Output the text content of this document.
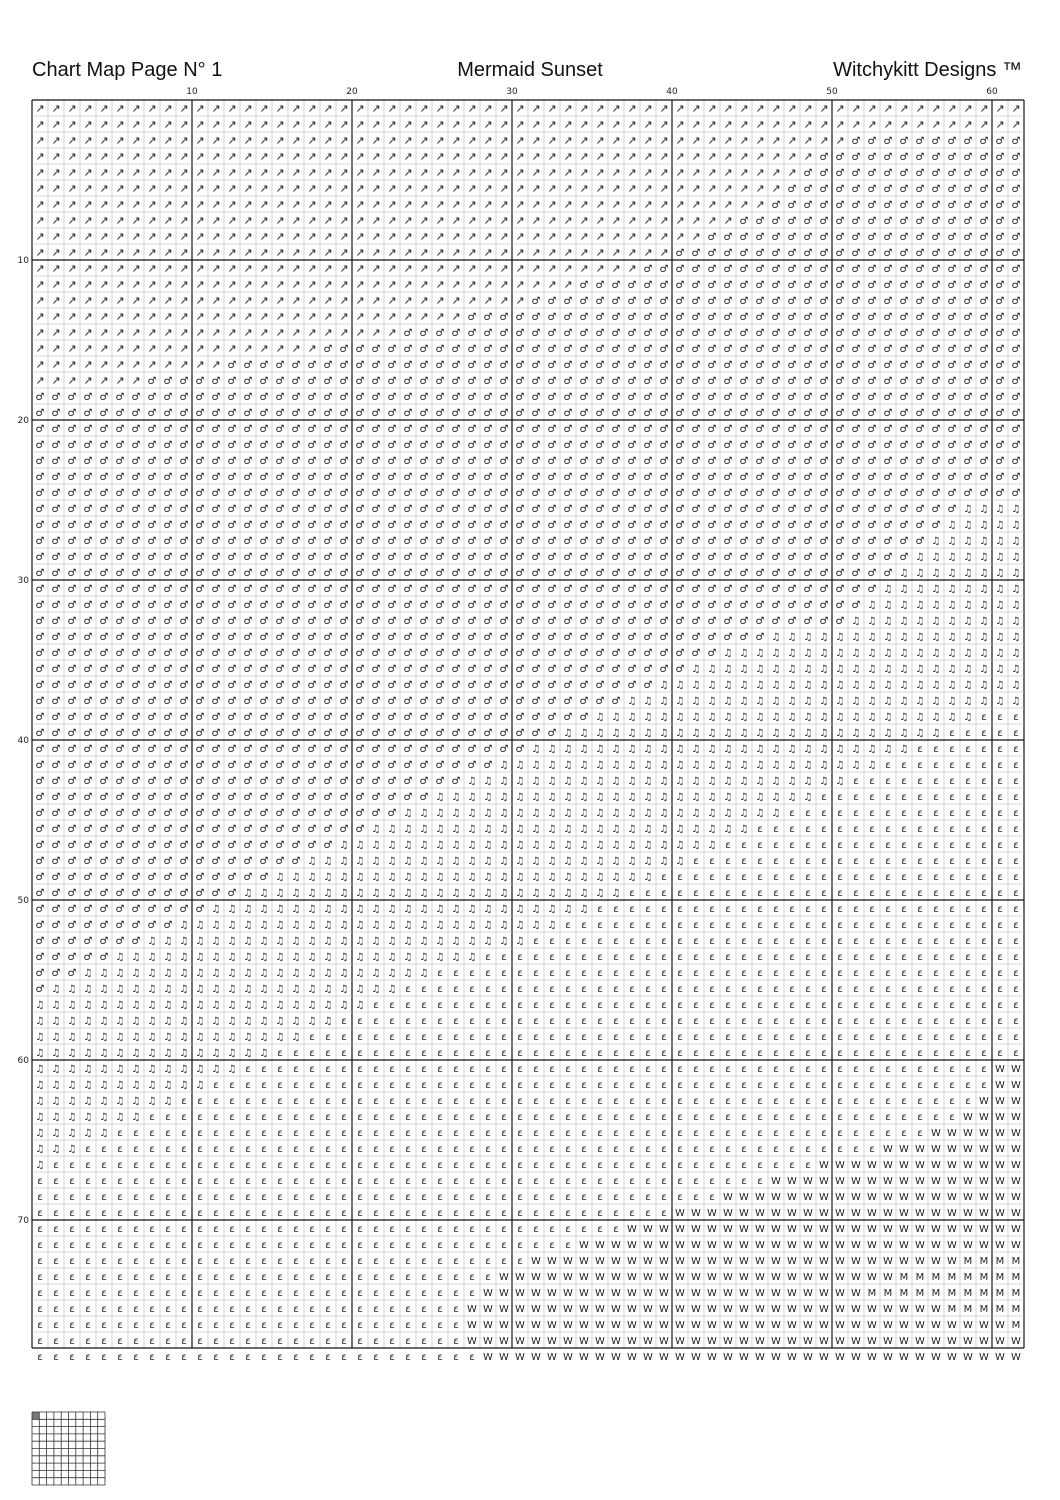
Chart Map Page N° 1	Mermaid Sunset	Witchykitt Designs ™
↗ ↗ ↗ ↗ ↗ ↗ ↗ ↗ ↗ ↗ ↗ ↗ ↗ ↗ ↗ ↗ ↗ ↗ ↗ ↗ ↗ ↗ ↗ ↗ ↗ ↗ ↗ ↗ ↗ ↗ ↗ ↗ ↗ ↗ ↗ ↗ ↗ ↗ ↗ ↗ ↗ ↗ ↗ ↗ ↗ ↗ ↗ ↗ ↗ ↗ ↗ ↗ ↗ ↗ ↗ ↗ ↗ ↗ ↗ ↗ ↗ ↗
↗ ↗ ↗ ↗ ↗ ↗ ↗ ↗ ↗ ↗ ↗ ↗ ↗ ↗ ↗ ↗ ↗ ↗ ↗ ↗ ↗ ↗ ↗ ↗ ↗ ↗ ↗ ↗ ↗ ↗ ↗ ↗ ↗ ↗ ↗ ↗ ↗ ↗ ↗ ↗ ↗ ↗ ↗ ↗ ↗ ↗ ↗ ↗ ↗ ↗ ↗ ↗ ↗ ↗ ↗ ↗ ↗ ↗ ↗ ↗ ↗ ↗
↗ ↗ ↗ ↗ ↗ ↗ ↗ ↗ ↗ ↗ ↗ ↗ ↗ ↗ ↗ ↗ ↗ ↗ ↗ ↗ ↗ ↗ ↗ ↗ ↗ ↗ ↗ ↗ ↗ ↗ ↗ ↗ ↗ ↗ ↗ ↗ ↗ ↗ ↗ ↗ ↗ ↗ ↗ ↗ ↗ ↗ ↗ ↗ ↗ ↗ ↗ ♂ ♂ ♂ ♂ ♂ ♂ ♂ ♂ ♂ ♂ ♂
↗ ↗ ↗ ↗ ↗ ↗ ↗ ↗ ↗ ↗ ↗ ↗ ↗ ↗ ↗ ↗ ↗ ↗ ↗ ↗ ↗ ↗ ↗ ↗ ↗ ↗ ↗ ↗ ↗ ↗ ↗ ↗ ↗ ↗ ↗ ↗ ↗ ↗ ↗ ↗ ↗ ↗ ↗ ↗ ↗ ↗ ↗ ↗ ↗ ♂ ♂ ♂ ♂ ♂ ♂ ♂ ♂ ♂ ♂ ♂ ♂ ♂
↗ ↗ ↗ ↗ ↗ ↗ ↗ ↗ ↗ ↗ ↗ ↗ ↗ ↗ ↗ ↗ ↗ ↗ ↗ ↗ ↗ ↗ ↗ ↗ ↗ ↗ ↗ ↗ ↗ ↗ ↗ ↗ ↗ ↗ ↗ ↗ ↗ ↗ ↗ ↗ ↗ ↗ ↗ ↗ ↗ ↗ ↗ ↗ ♂ ♂ ♂ ♂ ♂ ♂ ♂ ♂ ♂ ♂ ♂ ♂ ♂ ♂
↗ ↗ ↗ ↗ ↗ ↗ ↗ ↗ ↗ ↗ ↗ ↗ ↗ ↗ ↗ ↗ ↗ ↗ ↗ ↗ ↗ ↗ ↗ ↗ ↗ ↗ ↗ ↗ ↗ ↗ ↗ ↗ ↗ ↗ ↗ ↗ ↗ ↗ ↗ ↗ ↗ ↗ ↗ ↗ ↗ ↗ ↗ ♂ ♂ ♂ ♂ ♂ ♂ ♂ ♂ ♂ ♂ ♂ ♂ ♂ ♂ ♂
↗ ↗ ↗ ↗ ↗ ↗ ↗ ↗ ↗ ↗ ↗ ↗ ↗ ↗ ↗ ↗ ↗ ↗ ↗ ↗ ↗ ↗ ↗ ↗ ↗ ↗ ↗ ↗ ↗ ↗ ↗ ↗ ↗ ↗ ↗ ↗ ↗ ↗ ↗ ↗ ↗ ↗ ↗ ↗ ↗ ↗ ♂ ♂ ♂ ♂ ♂ ♂ ♂ ♂ ♂ ♂ ♂ ♂ ♂ ♂ ♂ ♂
↗ ↗ ↗ ↗ ↗ ↗ ↗ ↗ ↗ ↗ ↗ ↗ ↗ ↗ ↗ ↗ ↗ ↗ ↗ ↗ ↗ ↗ ↗ ↗ ↗ ↗ ↗ ↗ ↗ ↗ ↗ ↗ ↗ ↗ ↗ ↗ ↗ ↗ ↗ ↗ ↗ ↗ ↗ ↗ ♂ ♂ ♂ ♂ ♂ ♂ ♂ ♂ ♂ ♂ ♂ ♂ ♂ ♂ ♂ ♂ ♂ ♂
↗ ↗ ↗ ↗ ↗ ↗ ↗ ↗ ↗ ↗ ↗ ↗ ↗ ↗ ↗ ↗ ↗ ↗ ↗ ↗ ↗ ↗ ↗ ↗ ↗ ↗ ↗ ↗ ↗ ↗ ↗ ↗ ↗ ↗ ↗ ↗ ↗ ↗ ↗ ↗ ↗ ↗ ♂ ♂ ♂ ♂ ♂ ♂ ♂ ♂ ♂ ♂ ♂ ♂ ♂ ♂ ♂ ♂ ♂ ♂ ♂ ♂
↗ ↗ ↗ ↗ ↗ ↗ ↗ ↗ ↗ ↗ ↗ ↗ ↗ ↗ ↗ ↗ ↗ ↗ ↗ ↗ ↗ ↗ ↗ ↗ ↗ ↗ ↗ ↗ ↗ ↗ ↗ ↗ ↗ ↗ ↗ ↗ ↗ ↗ ↗ ↗ ♂ ♂ ♂ ♂ ♂ ♂ ♂ ♂ ♂ ♂ ♂ ♂ ♂ ♂ ♂ ♂ ♂ ♂ ♂ ♂ ♂ ♂
↗ ↗ ↗ ↗ ↗ ↗ ↗ ↗ ↗ ↗ ↗ ↗ ↗ ↗ ↗ ↗ ↗ ↗ ↗ ↗ ↗ ↗ ↗ ↗ ↗ ↗ ↗ ↗ ↗ ↗ ↗ ↗ ↗ ↗ ↗ ↗ ↗ ↗ ♂ ♂ ♂ ♂ ♂ ♂ ♂ ♂ ♂ ♂ ♂ ♂ ♂ ♂ ♂ ♂ ♂ ♂ ♂ ♂ ♂ ♂ ♂ ♂
↗ ↗ ↗ ↗ ↗ ↗ ↗ ↗ ↗ ↗ ↗ ↗ ↗ ↗ ↗ ↗ ↗ ↗ ↗ ↗ ↗ ↗ ↗ ↗ ↗ ↗ ↗ ↗ ↗ ↗ ↗ ↗ ↗ ↗ ♂ ♂ ♂ ♂ ♂ ♂ ♂ ♂ ♂ ♂ ♂ ♂ ♂ ♂ ♂ ♂ ♂ ♂ ♂ ♂ ♂ ♂ ♂ ♂ ♂ ♂ ♂ ♂
↗ ↗ ↗ ↗ ↗ ↗ ↗ ↗ ↗ ↗ ↗ ↗ ↗ ↗ ↗ ↗ ↗ ↗ ↗ ↗ ↗ ↗ ↗ ↗ ↗ ↗ ↗ ↗ ↗ ↗ ↗ ♂ ♂ ♂ ♂ ♂ ♂ ♂ ♂ ♂ ♂ ♂ ♂ ♂ ♂ ♂ ♂ ♂ ♂ ♂ ♂ ♂ ♂ ♂ ♂ ♂ ♂ ♂ ♂ ♂ ♂ ♂
↗ ↗ ↗ ↗ ↗ ↗ ↗ ↗ ↗ ↗ ↗ ↗ ↗ ↗ ↗ ↗ ↗ ↗ ↗ ↗ ↗ ↗ ↗ ↗ ↗ ↗ ↗ ♂ ♂ ♂ ♂ ♂ ♂ ♂ ♂ ♂ ♂ ♂ ♂ ♂ ♂ ♂ ♂ ♂ ♂ ♂ ♂ ♂ ♂ ♂ ♂ ♂ ♂ ♂ ♂ ♂ ♂ ♂ ♂ ♂ ♂ ♂
↗ ↗ ↗ ↗ ↗ ↗ ↗ ↗ ↗ ↗ ↗ ↗ ↗ ↗ ↗ ↗ ↗ ↗ ↗ ↗ ↗ ↗ ↗ ♂ ♂ ♂ ♂ ♂ ♂ ♂ ♂ ♂ ♂ ♂ ♂ ♂ ♂ ♂ ♂ ♂ ♂ ♂ ♂ ♂ ♂ ♂ ♂ ♂ ♂ ♂ ♂ ♂ ♂ ♂ ♂ ♂ ♂ ♂ ♂ ♂ ♂ ♂
↗ ↗ ↗ ↗ ↗ ↗ ↗ ↗ ↗ ↗ ↗ ↗ ↗ ↗ ↗ ↗ ↗ ↗ ♂ ♂ ♂ ♂ ♂ ♂ ♂ ♂ ♂ ♂ ♂ ♂ ♂ ♂ ♂ ♂ ♂ ♂ ♂ ♂ ♂ ♂ ♂ ♂ ♂ ♂ ♂ ♂ ♂ ♂ ♂ ♂ ♂ ♂ ♂ ♂ ♂ ♂ ♂ ♂ ♂ ♂ ♂ ♂
↗ ↗ ↗ ↗ ↗ ↗ ↗ ↗ ↗ ↗ ↗ ↗ ♂ ♂ ♂ ♂ ♂ ♂ ♂ ♂ ♂ ♂ ♂ ♂ ♂ ♂ ♂ ♂ ♂ ♂ ♂ ♂ ♂ ♂ ♂ ♂ ♂ ♂ ♂ ♂ ♂ ♂ ♂ ♂ ♂ ♂ ♂ ♂ ♂ ♂ ♂ ♂ ♂ ♂ ♂ ♂ ♂ ♂ ♂ ♂ ♂ ♂
↗ ↗ ↗ ↗ ↗ ↗ ↗ ♂ ♂ ♂ ♂ ♂ ♂ ♂ ♂ ♂ ♂ ♂ ♂ ♂ ♂ ♂ ♂ ♂ ♂ ♂ ♂ ♂ ♂ ♂ ♂ ♂ ♂ ♂ ♂ ♂ ♂ ♂ ♂ ♂ ♂ ♂ ♂ ♂ ♂ ♂ ♂ ♂ ♂ ♂ ♂ ♂ ♂ ♂ ♂ ♂ ♂ ♂ ♂ ♂ ♂ ♂
♂ ♂ ♂ ♂ ♂ ♂ ♂ ♂ ♂ ♂ ♂ ♂ ♂ ♂ ♂ ♂ ♂ ♂ ♂ ♂ ♂ ♂ ♂ ♂ ♂ ♂ ♂ ♂ ♂ ♂ ♂ ♂ ♂ ♂ ♂ ♂ ♂ ♂ ♂ ♂ ♂ ♂ ♂ ♂ ♂ ♂ ♂ ♂ ♂ ♂ ♂ ♂ ♂ ♂ ♂ ♂ ♂ ♂ ♂ ♂ ♂ ♂
♂ ♂ ♂ ♂ ♂ ♂ ♂ ♂ ♂ ♂ ♂ ♂ ♂ ♂ ♂ ♂ ♂ ♂ ♂ ♂ ♂ ♂ ♂ ♂ ♂ ♂ ♂ ♂ ♂ ♂ ♂ ♂ ♂ ♂ ♂ ♂ ♂ ♂ ♂ ♂ ♂ ♂ ♂ ♂ ♂ ♂ ♂ ♂ ♂ ♂ ♂ ♂ ♂ ♂ ♂ ♂ ♂ ♂ ♂ ♂ ♂ ♂
♂ ♂ ♂ ♂ ♂ ♂ ♂ ♂ ♂ ♂ ♂ ♂ ♂ ♂ ♂ ♂ ♂ ♂ ♂ ♂ ♂ ♂ ♂ ♂ ♂ ♂ ♂ ♂ ♂ ♂ ♂ ♂ ♂ ♂ ♂ ♂ ♂ ♂ ♂ ♂ ♂ ♂ ♂ ♂ ♂ ♂ ♂ ♂ ♂ ♂ ♂ ♂ ♂ ♂ ♂ ♂ ♂ ♂ ♂ ♂ ♂ ♂
♂ ♂ ♂ ♂ ♂ ♂ ♂ ♂ ♂ ♂ ♂ ♂ ♂ ♂ ♂ ♂ ♂ ♂ ♂ ♂ ♂ ♂ ♂ ♂ ♂ ♂ ♂ ♂ ♂ ♂ ♂ ♂ ♂ ♂ ♂ ♂ ♂ ♂ ♂ ♂ ♂ ♂ ♂ ♂ ♂ ♂ ♂ ♂ ♂ ♂ ♂ ♂ ♂ ♂ ♂ ♂ ♂ ♂ ♂ ♂ ♂ ♂
♂ ♂ ♂ ♂ ♂ ♂ ♂ ♂ ♂ ♂ ♂ ♂ ♂ ♂ ♂ ♂ ♂ ♂ ♂ ♂ ♂ ♂ ♂ ♂ ♂ ♂ ♂ ♂ ♂ ♂ ♂ ♂ ♂ ♂ ♂ ♂ ♂ ♂ ♂ ♂ ♂ ♂ ♂ ♂ ♂ ♂ ♂ ♂ ♂ ♂ ♂ ♂ ♂ ♂ ♂ ♂ ♂ ♂ ♂ ♂ ♂ ♂
♂ ♂ ♂ ♂ ♂ ♂ ♂ ♂ ♂ ♂ ♂ ♂ ♂ ♂ ♂ ♂ ♂ ♂ ♂ ♂ ♂ ♂ ♂ ♂ ♂ ♂ ♂ ♂ ♂ ♂ ♂ ♂ ♂ ♂ ♂ ♂ ♂ ♂ ♂ ♂ ♂ ♂ ♂ ♂ ♂ ♂ ♂ ♂ ♂ ♂ ♂ ♂ ♂ ♂ ♂ ♂ ♂ ♂ ♂ ♂ ♂ ♂
♂ ♂ ♂ ♂ ♂ ♂ ♂ ♂ ♂ ♂ ♂ ♂ ♂ ♂ ♂ ♂ ♂ ♂ ♂ ♂ ♂ ♂ ♂ ♂ ♂ ♂ ♂ ♂ ♂ ♂ ♂ ♂ ♂ ♂ ♂ ♂ ♂ ♂ ♂ ♂ ♂ ♂ ♂ ♂ ♂ ♂ ♂ ♂ ♂ ♂ ♂ ♂ ♂ ♂ ♂ ♂ ♂ ♂ ♂ ♂ ♂ ♂
♂ ♂ ♂ ♂ ♂ ♂ ♂ ♂ ♂ ♂ ♂ ♂ ♂ ♂ ♂ ♂ ♂ ♂ ♂ ♂ ♂ ♂ ♂ ♂ ♂ ♂ ♂ ♂ ♂ ♂ ♂ ♂ ♂ ♂ ♂ ♂ ♂ ♂ ♂ ♂ ♂ ♂ ♂ ♂ ♂ ♂ ♂ ♂ ♂ ♂ ♂ ♂ ♂ ♂ ♂ ♂ ♂ ♂ ♫ ♫ ♫ ♫
♂ ♂ ♂ ♂ ♂ ♂ ♂ ♂ ♂ ♂ ♂ ♂ ♂ ♂ ♂ ♂ ♂ ♂ ♂ ♂ ♂ ♂ ♂ ♂ ♂ ♂ ♂ ♂ ♂ ♂ ♂ ♂ ♂ ♂ ♂ ♂ ♂ ♂ ♂ ♂ ♂ ♂ ♂ ♂ ♂ ♂ ♂ ♂ ♂ ♂ ♂ ♂ ♂ ♂ ♂ ♂ ♂ ♫ ♫ ♫ ♫ ♫
♂ ♂ ♂ ♂ ♂ ♂ ♂ ♂ ♂ ♂ ♂ ♂ ♂ ♂ ♂ ♂ ♂ ♂ ♂ ♂ ♂ ♂ ♂ ♂ ♂ ♂ ♂ ♂ ♂ ♂ ♂ ♂ ♂ ♂ ♂ ♂ ♂ ♂ ♂ ♂ ♂ ♂ ♂ ♂ ♂ ♂ ♂ ♂ ♂ ♂ ♂ ♂ ♂ ♂ ♂ ♂ ♫ ♫ ♫ ♫ ♫ ♫
♂ ♂ ♂ ♂ ♂ ♂ ♂ ♂ ♂ ♂ ♂ ♂ ♂ ♂ ♂ ♂ ♂ ♂ ♂ ♂ ♂ ♂ ♂ ♂ ♂ ♂ ♂ ♂ ♂ ♂ ♂ ♂ ♂ ♂ ♂ ♂ ♂ ♂ ♂ ♂ ♂ ♂ ♂ ♂ ♂ ♂ ♂ ♂ ♂ ♂ ♂ ♂ ♂ ♂ ♂ ♫ ♫ ♫ ♫ ♫ ♫ ♫
♂ ♂ ♂ ♂ ♂ ♂ ♂ ♂ ♂ ♂ ♂ ♂ ♂ ♂ ♂ ♂ ♂ ♂ ♂ ♂ ♂ ♂ ♂ ♂ ♂ ♂ ♂ ♂ ♂ ♂ ♂ ♂ ♂ ♂ ♂ ♂ ♂ ♂ ♂ ♂ ♂ ♂ ♂ ♂ ♂ ♂ ♂ ♂ ♂ ♂ ♂ ♂ ♂ ♂ ♫ ♫ ♫ ♫ ♫ ♫ ♫ ♫
♂ ♂ ♂ ♂ ♂ ♂ ♂ ♂ ♂ ♂ ♂ ♂ ♂ ♂ ♂ ♂ ♂ ♂ ♂ ♂ ♂ ♂ ♂ ♂ ♂ ♂ ♂ ♂ ♂ ♂ ♂ ♂ ♂ ♂ ♂ ♂ ♂ ♂ ♂ ♂ ♂ ♂ ♂ ♂ ♂ ♂ ♂ ♂ ♂ ♂ ♂ ♂ ♂ ♫ ♫ ♫ ♫ ♫ ♫ ♫ ♫ ♫
♂ ♂ ♂ ♂ ♂ ♂ ♂ ♂ ♂ ♂ ♂ ♂ ♂ ♂ ♂ ♂ ♂ ♂ ♂ ♂ ♂ ♂ ♂ ♂ ♂ ♂ ♂ ♂ ♂ ♂ ♂ ♂ ♂ ♂ ♂ ♂ ♂ ♂ ♂ ♂ ♂ ♂ ♂ ♂ ♂ ♂ ♂ ♂ ♂ ♂ ♂ ♂ ♫ ♫ ♫ ♫ ♫ ♫ ♫ ♫ ♫ ♫
♂ ♂ ♂ ♂ ♂ ♂ ♂ ♂ ♂ ♂ ♂ ♂ ♂ ♂ ♂ ♂ ♂ ♂ ♂ ♂ ♂ ♂ ♂ ♂ ♂ ♂ ♂ ♂ ♂ ♂ ♂ ♂ ♂ ♂ ♂ ♂ ♂ ♂ ♂ ♂ ♂ ♂ ♂ ♂ ♂ ♂ ♂ ♂ ♂ ♂ ♂ ♫ ♫ ♫ ♫ ♫ ♫ ♫ ♫ ♫ ♫ ♫
♂ ♂ ♂ ♂ ♂ ♂ ♂ ♂ ♂ ♂ ♂ ♂ ♂ ♂ ♂ ♂ ♂ ♂ ♂ ♂ ♂ ♂ ♂ ♂ ♂ ♂ ♂ ♂ ♂ ♂ ♂ ♂ ♂ ♂ ♂ ♂ ♂ ♂ ♂ ♂ ♂ ♂ ♂ ♂ ♂ ♂ ♫ ♫ ♫ ♫ ♫ ♫ ♫ ♫ ♫ ♫ ♫ ♫ ♫ ♫ ♫ ♫
♂ ♂ ♂ ♂ ♂ ♂ ♂ ♂ ♂ ♂ ♂ ♂ ♂ ♂ ♂ ♂ ♂ ♂ ♂ ♂ ♂ ♂ ♂ ♂ ♂ ♂ ♂ ♂ ♂ ♂ ♂ ♂ ♂ ♂ ♂ ♂ ♂ ♂ ♂ ♂ ♂ ♂ ♂ ♫ ♫ ♫ ♫ ♫ ♫ ♫ ♫ ♫ ♫ ♫ ♫ ♫ ♫ ♫ ♫ ♫ ♫ ♫
♂ ♂ ♂ ♂ ♂ ♂ ♂ ♂ ♂ ♂ ♂ ♂ ♂ ♂ ♂ ♂ ♂ ♂ ♂ ♂ ♂ ♂ ♂ ♂ ♂ ♂ ♂ ♂ ♂ ♂ ♂ ♂ ♂ ♂ ♂ ♂ ♂ ♂ ♂ ♂ ♂ ♫ ♫ ♫ ♫ ♫ ♫ ♫ ♫ ♫ ♫ ♫ ♫ ♫ ♫ ♫ ♫ ♫ ♫ ♫ ♫ ♫
♂ ♂ ♂ ♂ ♂ ♂ ♂ ♂ ♂ ♂ ♂ ♂ ♂ ♂ ♂ ♂ ♂ ♂ ♂ ♂ ♂ ♂ ♂ ♂ ♂ ♂ ♂ ♂ ♂ ♂ ♂ ♂ ♂ ♂ ♂ ♂ ♂ ♂ ♂ ♫ ♫ ♫ ♫ ♫ ♫ ♫ ♫ ♫ ♫ ♫ ♫ ♫ ♫ ♫ ♫ ♫ ♫ ♫ ♫ ♫ ♫ ♫
♂ ♂ ♂ ♂ ♂ ♂ ♂ ♂ ♂ ♂ ♂ ♂ ♂ ♂ ♂ ♂ ♂ ♂ ♂ ♂ ♂ ♂ ♂ ♂ ♂ ♂ ♂ ♂ ♂ ♂ ♂ ♂ ♂ ♂ ♂ ♂ ♂ ♫ ♫ ♫ ♫ ♫ ♫ ♫ ♫ ♫ ♫ ♫ ♫ ♫ ♫ ♫ ♫ ♫ ♫ ♫ ♫ ♫ ♫ ♫ ♫ ♫
♂ ♂ ♂ ♂ ♂ ♂ ♂ ♂ ♂ ♂ ♂ ♂ ♂ ♂ ♂ ♂ ♂ ♂ ♂ ♂ ♂ ♂ ♂ ♂ ♂ ♂ ♂ ♂ ♂ ♂ ♂ ♂ ♂ ♂ ♂ ♫ ♫ ♫ ♫ ♫ ♫ ♫ ♫ ♫ ♫ ♫ ♫ ♫ ♫ ♫ ♫ ♫ ♫ ♫ ♫ ♫ ♫ ♫ ♫ ε ε ε
♂ ♂ ♂ ♂ ♂ ♂ ♂ ♂ ♂ ♂ ♂ ♂ ♂ ♂ ♂ ♂ ♂ ♂ ♂ ♂ ♂ ♂ ♂ ♂ ♂ ♂ ♂ ♂ ♂ ♂ ♂ ♂ ♂ ♫ ♫ ♫ ♫ ♫ ♫ ♫ ♫ ♫ ♫ ♫ ♫ ♫ ♫ ♫ ♫ ♫ ♫ ♫ ♫ ♫ ♫ ♫ ♫ ε ε ε ε ε
♂ ♂ ♂ ♂ ♂ ♂ ♂ ♂ ♂ ♂ ♂ ♂ ♂ ♂ ♂ ♂ ♂ ♂ ♂ ♂ ♂ ♂ ♂ ♂ ♂ ♂ ♂ ♂ ♂ ♂ ♂ ♫ ♫ ♫ ♫ ♫ ♫ ♫ ♫ ♫ ♫ ♫ ♫ ♫ ♫ ♫ ♫ ♫ ♫ ♫ ♫ ♫ ♫ ♫ ♫ ε ε ε ε ε ε ε
♂ ♂ ♂ ♂ ♂ ♂ ♂ ♂ ♂ ♂ ♂ ♂ ♂ ♂ ♂ ♂ ♂ ♂ ♂ ♂ ♂ ♂ ♂ ♂ ♂ ♂ ♂ ♂ ♂ ♫ ♫ ♫ ♫ ♫ ♫ ♫ ♫ ♫ ♫ ♫ ♫ ♫ ♫ ♫ ♫ ♫ ♫ ♫ ♫ ♫ ♫ ♫ ♫ ε ε ε ε ε ε ε ε ε
♂ ♂ ♂ ♂ ♂ ♂ ♂ ♂ ♂ ♂ ♂ ♂ ♂ ♂ ♂ ♂ ♂ ♂ ♂ ♂ ♂ ♂ ♂ ♂ ♂ ♂ ♂ ♫ ♫ ♫ ♫ ♫ ♫ ♫ ♫ ♫ ♫ ♫ ♫ ♫ ♫ ♫ ♫ ♫ ♫ ♫ ♫ ♫ ♫ ♫ ♫ ε ε ε ε ε ε ε ε ε ε ε
♂ ♂ ♂ ♂ ♂ ♂ ♂ ♂ ♂ ♂ ♂ ♂ ♂ ♂ ♂ ♂ ♂ ♂ ♂ ♂ ♂ ♂ ♂ ♂ ♂ ♫ ♫ ♫ ♫ ♫ ♫ ♫ ♫ ♫ ♫ ♫ ♫ ♫ ♫ ♫ ♫ ♫ ♫ ♫ ♫ ♫ ♫ ♫ ♫ ε ε ε ε ε ε ε ε ε ε ε ε ε
♂ ♂ ♂ ♂ ♂ ♂ ♂ ♂ ♂ ♂ ♂ ♂ ♂ ♂ ♂ ♂ ♂ ♂ ♂ ♂ ♂ ♂ ♂ ♫ ♫ ♫ ♫ ♫ ♫ ♫ ♫ ♫ ♫ ♫ ♫ ♫ ♫ ♫ ♫ ♫ ♫ ♫ ♫ ♫ ♫ ♫ ♫ ε ε ε ε ε ε ε ε ε ε ε ε ε ε ε
♂ ♂ ♂ ♂ ♂ ♂ ♂ ♂ ♂ ♂ ♂ ♂ ♂ ♂ ♂ ♂ ♂ ♂ ♂ ♂ ♂ ♫ ♫ ♫ ♫ ♫ ♫ ♫ ♫ ♫ ♫ ♫ ♫ ♫ ♫ ♫ ♫ ♫ ♫ ♫ ♫ ♫ ♫ ♫ ♫ ε ε ε ε ε ε ε ε ε ε ε ε ε ε ε ε ε
♂ ♂ ♂ ♂ ♂ ♂ ♂ ♂ ♂ ♂ ♂ ♂ ♂ ♂ ♂ ♂ ♂ ♂ ♂ ♫ ♫ ♫ ♫ ♫ ♫ ♫ ♫ ♫ ♫ ♫ ♫ ♫ ♫ ♫ ♫ ♫ ♫ ♫ ♫ ♫ ♫ ♫ ♫ ε ε ε ε ε ε ε ε ε ε ε ε ε ε ε ε ε ε ε
♂ ♂ ♂ ♂ ♂ ♂ ♂ ♂ ♂ ♂ ♂ ♂ ♂ ♂ ♂ ♂ ♂ ♫ ♫ ♫ ♫ ♫ ♫ ♫ ♫ ♫ ♫ ♫ ♫ ♫ ♫ ♫ ♫ ♫ ♫ ♫ ♫ ♫ ♫ ♫ ♫ ε ε ε ε ε ε ε ε ε ε ε ε ε ε ε ε ε ε ε ε ε
♂ ♂ ♂ ♂ ♂ ♂ ♂ ♂ ♂ ♂ ♂ ♂ ♂ ♂ ♂ ♫ ♫ ♫ ♫ ♫ ♫ ♫ ♫ ♫ ♫ ♫ ♫ ♫ ♫ ♫ ♫ ♫ ♫ ♫ ♫ ♫ ♫ ♫ ♫ ε ε ε ε ε ε ε ε ε ε ε ε ε ε ε ε ε ε ε ε ε ε ε
♂ ♂ ♂ ♂ ♂ ♂ ♂ ♂ ♂ ♂ ♂ ♂ ♂ ♫ ♫ ♫ ♫ ♫ ♫ ♫ ♫ ♫ ♫ ♫ ♫ ♫ ♫ ♫ ♫ ♫ ♫ ♫ ♫ ♫ ♫ ♫ ♫ ε ε ε ε ε ε ε ε ε ε ε ε ε ε ε ε ε ε ε ε ε ε ε ε ε
♂ ♂ ♂ ♂ ♂ ♂ ♂ ♂ ♂ ♂ ♂ ♫ ♫ ♫ ♫ ♫ ♫ ♫ ♫ ♫ ♫ ♫ ♫ ♫ ♫ ♫ ♫ ♫ ♫ ♫ ♫ ♫ ♫ ♫ ♫ ε ε ε ε ε ε ε ε ε ε ε ε ε ε ε ε ε ε ε ε ε ε ε ε ε ε ε
♂ ♂ ♂ ♂ ♂ ♂ ♂ ♂ ♂ ♫ ♫ ♫ ♫ ♫ ♫ ♫ ♫ ♫ ♫ ♫ ♫ ♫ ♫ ♫ ♫ ♫ ♫ ♫ ♫ ♫ ♫ ♫ ♫ ε ε ε ε ε ε ε ε ε ε ε ε ε ε ε ε ε ε ε ε ε ε ε ε ε ε ε ε ε
♂ ♂ ♂ ♂ ♂ ♂ ♂ ♫ ♫ ♫ ♫ ♫ ♫ ♫ ♫ ♫ ♫ ♫ ♫ ♫ ♫ ♫ ♫ ♫ ♫ ♫ ♫ ♫ ♫ ♫ ♫ ε ε ε ε ε ε ε ε ε ε ε ε ε ε ε ε ε ε ε ε ε ε ε ε ε ε ε ε ε ε ε
♂ ♂ ♂ ♂ ♂ ♫ ♫ ♫ ♫ ♫ ♫ ♫ ♫ ♫ ♫ ♫ ♫ ♫ ♫ ♫ ♫ ♫ ♫ ♫ ♫ ♫ ♫ ♫ ε ε ε ε ε ε ε ε ε ε ε ε ε ε ε ε ε ε ε ε ε ε ε ε ε ε ε ε ε ε ε ε ε ε
♂ ♂ ♂ ♫ ♫ ♫ ♫ ♫ ♫ ♫ ♫ ♫ ♫ ♫ ♫ ♫ ♫ ♫ ♫ ♫ ♫ ♫ ♫ ♫ ♫ ε ε ε ε ε ε ε ε ε ε ε ε ε ε ε ε ε ε ε ε ε ε ε ε ε ε ε ε ε ε ε ε ε ε ε ε ε
♂ ♫ ♫ ♫ ♫ ♫ ♫ ♫ ♫ ♫ ♫ ♫ ♫ ♫ ♫ ♫ ♫ ♫ ♫ ♫ ♫ ♫ ♫ ε ε ε ε ε ε ε ε ε ε ε ε ε ε ε ε ε ε ε ε ε ε ε ε ε ε ε ε ε ε ε ε ε ε ε ε ε ε ε
♫ ♫ ♫ ♫ ♫ ♫ ♫ ♫ ♫ ♫ ♫ ♫ ♫ ♫ ♫ ♫ ♫ ♫ ♫ ♫ ♫ ε ε ε ε ε ε ε ε ε ε ε ε ε ε ε ε ε ε ε ε ε ε ε ε ε ε ε ε ε ε ε ε ε ε ε ε ε ε ε ε ε
♫ ♫ ♫ ♫ ♫ ♫ ♫ ♫ ♫ ♫ ♫ ♫ ♫ ♫ ♫ ♫ ♫ ♫ ♫ ε ε ε ε ε ε ε ε ε ε ε ε ε ε ε ε ε ε ε ε ε ε ε ε ε ε ε ε ε ε ε ε ε ε ε ε ε ε ε ε ε ε ε
♫ ♫ ♫ ♫ ♫ ♫ ♫ ♫ ♫ ♫ ♫ ♫ ♫ ♫ ♫ ♫ ♫ ε ε ε ε ε ε ε ε ε ε ε ε ε ε ε ε ε ε ε ε ε ε ε ε ε ε ε ε ε ε ε ε ε ε ε ε ε ε ε ε ε ε ε ε ε
♫ ♫ ♫ ♫ ♫ ♫ ♫ ♫ ♫ ♫ ♫ ♫ ♫ ♫ ♫ ε ε ε ε ε ε ε ε ε ε ε ε ε ε ε ε ε ε ε ε ε ε ε ε ε ε ε ε ε ε ε ε ε ε ε ε ε ε ε ε ε ε ε ε ε ε ε
♫ ♫ ♫ ♫ ♫ ♫ ♫ ♫ ♫ ♫ ♫ ♫ ♫ ε ε ε ε ε ε ε ε ε ε ε ε ε ε ε ε ε ε ε ε ε ε ε ε ε ε ε ε ε ε ε ε ε ε ε ε ε ε ε ε ε ε ε ε ε ε ε W W
♫ ♫ ♫ ♫ ♫ ♫ ♫ ♫ ♫ ♫ ♫ ε ε ε ε ε ε ε ε ε ε ε ε ε ε ε ε ε ε ε ε ε ε ε ε ε ε ε ε ε ε ε ε ε ε ε ε ε ε ε ε ε ε ε ε ε ε ε ε ε W W
♫ ♫ ♫ ♫ ♫ ♫ ♫ ♫ ♫ ε ε ε ε ε ε ε ε ε ε ε ε ε ε ε ε ε ε ε ε ε ε ε ε ε ε ε ε ε ε ε ε ε ε ε ε ε ε ε ε ε ε ε ε ε ε ε ε ε ε W W W
♫ ♫ ♫ ♫ ♫ ♫ ♫ ε ε ε ε ε ε ε ε ε ε ε ε ε ε ε ε ε ε ε ε ε ε ε ε ε ε ε ε ε ε ε ε ε ε ε ε ε ε ε ε ε ε ε ε ε ε ε ε ε ε ε W W W W
♫ ♫ ♫ ♫ ♫ ε ε ε ε ε ε ε ε ε ε ε ε ε ε ε ε ε ε ε ε ε ε ε ε ε ε ε ε ε ε ε ε ε ε ε ε ε ε ε ε ε ε ε ε ε ε ε ε ε ε ε W W W W W W
♫ ♫ ♫ ε ε ε ε ε ε ε ε ε ε ε ε ε ε ε ε ε ε ε ε ε ε ε ε ε ε ε ε ε ε ε ε ε ε ε ε ε ε ε ε ε ε ε ε ε ε ε ε ε ε W W W W W W W W W
♫ ε ε ε ε ε ε ε ε ε ε ε ε ε ε ε ε ε ε ε ε ε ε ε ε ε ε ε ε ε ε ε ε ε ε ε ε ε ε ε ε ε ε ε ε ε ε ε ε W W W W W W W W W W W W W
ε ε ε ε ε ε ε ε ε ε ε ε ε ε ε ε ε ε ε ε ε ε ε ε ε ε ε ε ε ε ε ε ε ε ε ε ε ε ε ε ε ε ε ε ε ε W W W W W W W W W W W W W W W W
ε ε ε ε ε ε ε ε ε ε ε ε ε ε ε ε ε ε ε ε ε ε ε ε ε ε ε ε ε ε ε ε ε ε ε ε ε ε ε ε ε ε ε W W W W W W W W W W W W W W W W W W W
ε ε ε ε ε ε ε ε ε ε ε ε ε ε ε ε ε ε ε ε ε ε ε ε ε ε ε ε ε ε ε ε ε ε ε ε ε ε ε ε W W W W W W W W W W W W W W W W W W W W W W
ε ε ε ε ε ε ε ε ε ε ε ε ε ε ε ε ε ε ε ε ε ε ε ε ε ε ε ε ε ε ε ε ε ε ε ε ε W W W W W W W W W W W W W W W W W W W W W W W W W
ε ε ε ε ε ε ε ε ε ε ε ε ε ε ε ε ε ε ε ε ε ε ε ε ε ε ε ε ε ε ε ε ε ε W W W W W W W W W W W W W W W W W W W W W W W W W W W W
ε ε ε ε ε ε ε ε ε ε ε ε ε ε ε ε ε ε ε ε ε ε ε ε ε ε ε ε ε ε ε W W W W W W W W W W W W W W W W W W W W W W W W W W W M M M M
ε ε ε ε ε ε ε ε ε ε ε ε ε ε ε ε ε ε ε ε ε ε ε ε ε ε ε ε ε W W W W W W W W W W W W W W W W W W W W W W W W W M M M M M M M M
ε ε ε ε ε ε ε ε ε ε ε ε ε ε ε ε ε ε ε ε ε ε ε ε ε ε ε ε W W W W W W W W W W W W W W W W W W W W W W W W M M M M M M M M M M
ε ε ε ε ε ε ε ε ε ε ε ε ε ε ε ε ε ε ε ε ε ε ε ε ε ε ε W W W W W W W W W W W W W W W W W W W W W W W W W W W W W W M M M M M
ε ε ε ε ε ε ε ε ε ε ε ε ε ε ε ε ε ε ε ε ε ε ε ε ε ε ε W W W W W W W W W W W W W W W W W W W W W W W W W W W W W W W W W W M
ε ε ε ε ε ε ε ε ε ε ε ε ε ε ε ε ε ε ε ε ε ε ε ε ε ε ε W W W W W W W W W W W W W W W W W W W W W W W W W W W W W W W W W W W
ε ε ε ε ε ε ε ε ε ε ε ε ε ε ε ε ε ε ε ε ε ε ε ε ε ε ε ε W W W W W W W W W W W W W W W W W W W W W W W W W W W W W W W W W W
10	20	30	40	50	60
10
20
30
40
50
60
70
